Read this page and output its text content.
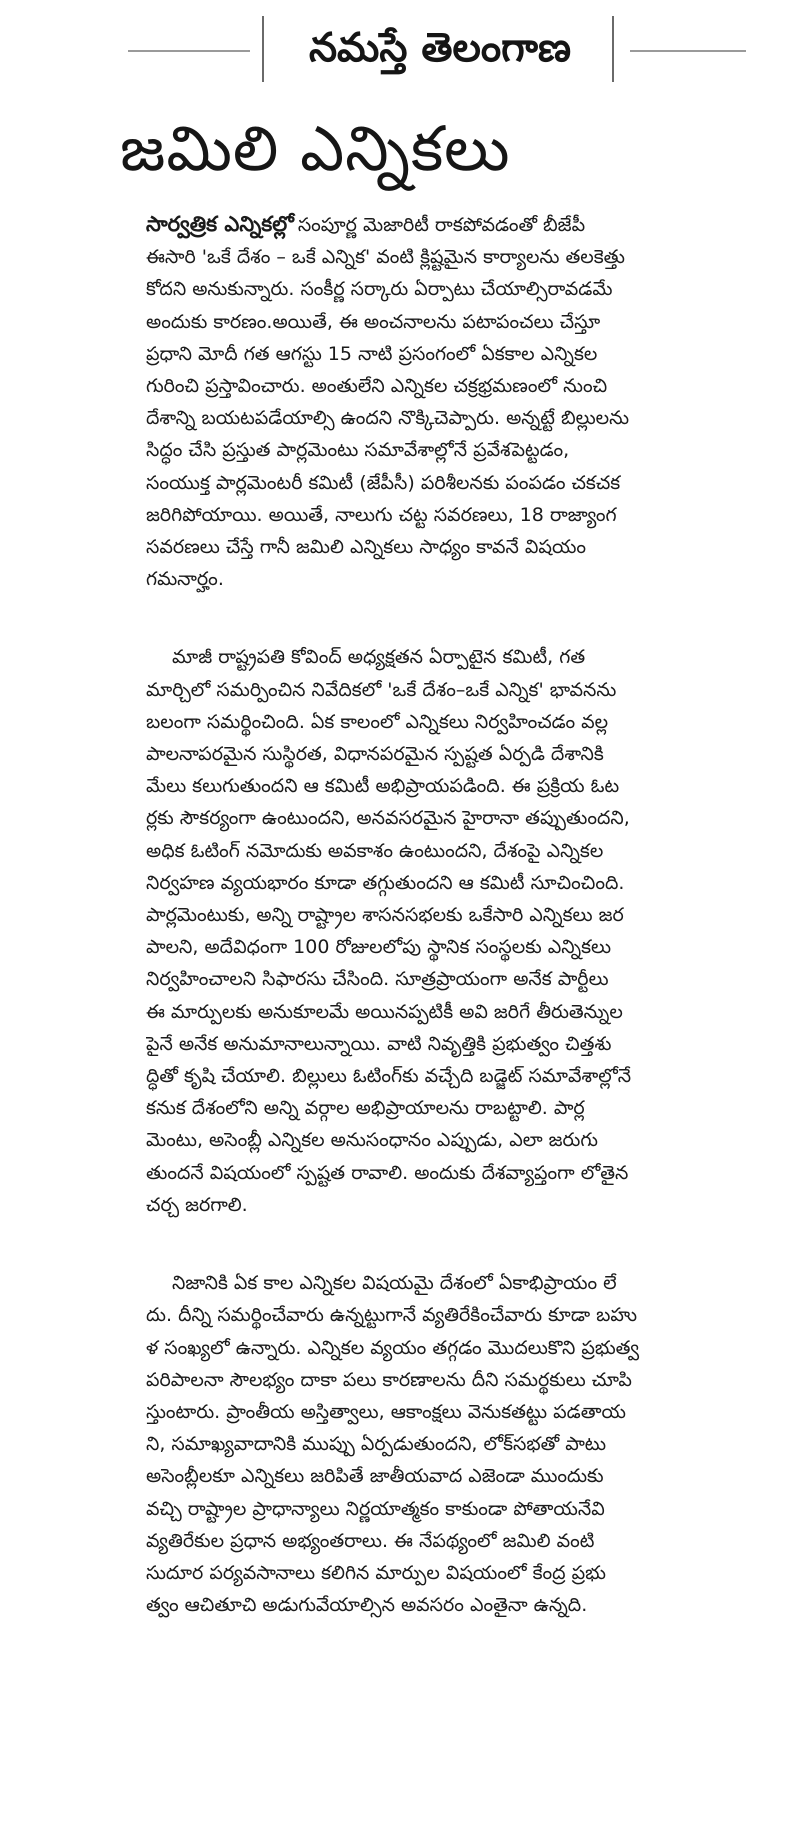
నమస్తే తెలంగాణ
జమిలి ఎన్నికలు

సార్వత్రిక ఎన్నికల్లో సంపూర్ణ మెజారిటీ రాకపోవడంతో బీజేపీ
ఈసారి 'ఒకే దేశం – ఒకే ఎన్నిక' వంటి క్లిష్టమైన కార్యాలను తలకెత్తు
కోదని అనుకున్నారు. సంకీర్ణ సర్కారు ఏర్పాటు చేయాల్సిరావడమే
అందుకు కారణం.అయితే, ఈ అంచనాలను పటాపంచలు చేస్తూ
ప్రధాని మోదీ గత ఆగస్టు 15 నాటి ప్రసంగంలో ఏకకాల ఎన్నికల
గురించి ప్రస్తావించారు. అంతులేని ఎన్నికల చక్రభ్రమణంలో నుంచి
దేశాన్ని బయటపడేయాల్సి ఉందని నొక్కిచెప్పారు. అన్నట్టే బిల్లులను
సిద్ధం చేసి ప్రస్తుత పార్లమెంటు సమావేశాల్లోనే ప్రవేశపెట్టడం,
సంయుక్త పార్లమెంటరీ కమిటీ (జేపీసీ) పరిశీలనకు పంపడం చకచక
జరిగిపోయాయి. అయితే, నాలుగు చట్ట సవరణలు, 18 రాజ్యాంగ
సవరణలు చేస్తే గానీ జమిలి ఎన్నికలు సాధ్యం కావనే విషయం
గమనార్హం.

మాజీ రాష్ట్రపతి కోవింద్ అధ్యక్షతన ఏర్పాటైన కమిటీ, గత
మార్చిలో సమర్పించిన నివేదికలో 'ఒకే దేశం–ఒకే ఎన్నిక' భావనను
బలంగా సమర్థించింది. ఏక కాలంలో ఎన్నికలు నిర్వహించడం వల్ల
పాలనాపరమైన సుస్థిరత, విధానపరమైన స్పష్టత ఏర్పడి దేశానికి
మేలు కలుగుతుందని ఆ కమిటీ అభిప్రాయపడింది. ఈ ప్రక్రియ ఓట
ర్లకు సౌకర్యంగా ఉంటుందని, అనవసరమైన హైరానా తప్పుతుందని,
అధిక ఓటింగ్ నమోదుకు అవకాశం ఉంటుందని, దేశంపై ఎన్నికల
నిర్వహణ వ్యయభారం కూడా తగ్గుతుందని ఆ కమిటీ సూచించింది.
పార్లమెంటుకు, అన్ని రాష్ట్రాల శాసనసభలకు ఒకేసారి ఎన్నికలు జర
పాలని, అదేవిధంగా 100 రోజులలోపు స్థానిక సంస్థలకు ఎన్నికలు
నిర్వహించాలని సిఫారసు చేసింది. సూత్రప్రాయంగా అనేక పార్టీలు
ఈ మార్పులకు అనుకూలమే అయినప్పటికీ అవి జరిగే తీరుతెన్నుల
పైనే అనేక అనుమానాలున్నాయి. వాటి నివృత్తికి ప్రభుత్వం చిత్తశు
ద్ధితో కృషి చేయాలి. బిల్లులు ఓటింగ్‌కు వచ్చేది బడ్జెట్ సమావేశాల్లోనే
కనుక దేశంలోని అన్ని వర్గాల అభిప్రాయాలను రాబట్టాలి. పార్ల
మెంటు, అసెంబ్లీ ఎన్నికల అనుసంధానం ఎప్పుడు, ఎలా జరుగు
తుందనే విషయంలో స్పష్టత రావాలి. అందుకు దేశవ్యాప్తంగా లోతైన
చర్చ జరగాలి.

నిజానికి ఏక కాల ఎన్నికల విషయమై దేశంలో ఏకాభిప్రాయం లే
దు. దీన్ని సమర్థించేవారు ఉన్నట్టుగానే వ్యతిరేకించేవారు కూడా బహు
ళ సంఖ్యలో ఉన్నారు. ఎన్నికల వ్యయం తగ్గడం మొదలుకొని ప్రభుత్వ
పరిపాలనా సౌలభ్యం దాకా పలు కారణాలను దీని సమర్థకులు చూపి
స్తుంటారు. ప్రాంతీయ అస్తిత్వాలు, ఆకాంక్షలు వెనుకతట్టు పడతాయ
ని, సమాఖ్యవాదానికి ముప్పు ఏర్పడుతుందని, లోక్‌సభతో పాటు
అసెంబ్లీలకూ ఎన్నికలు జరిపితే జాతీయవాద ఎజెండా ముందుకు
వచ్చి రాష్ట్రాల ప్రాధాన్యాలు నిర్ణయాత్మకం కాకుండా పోతాయనేవి
వ్యతిరేకుల ప్రధాన అభ్యంతరాలు. ఈ నేపథ్యంలో జమిలి వంటి
సుదూర పర్యవసానాలు కలిగిన మార్పుల విషయంలో కేంద్ర ప్రభు
త్వం ఆచితూచి అడుగువేయాల్సిన అవసరం ఎంతైనా ఉన్నది.
